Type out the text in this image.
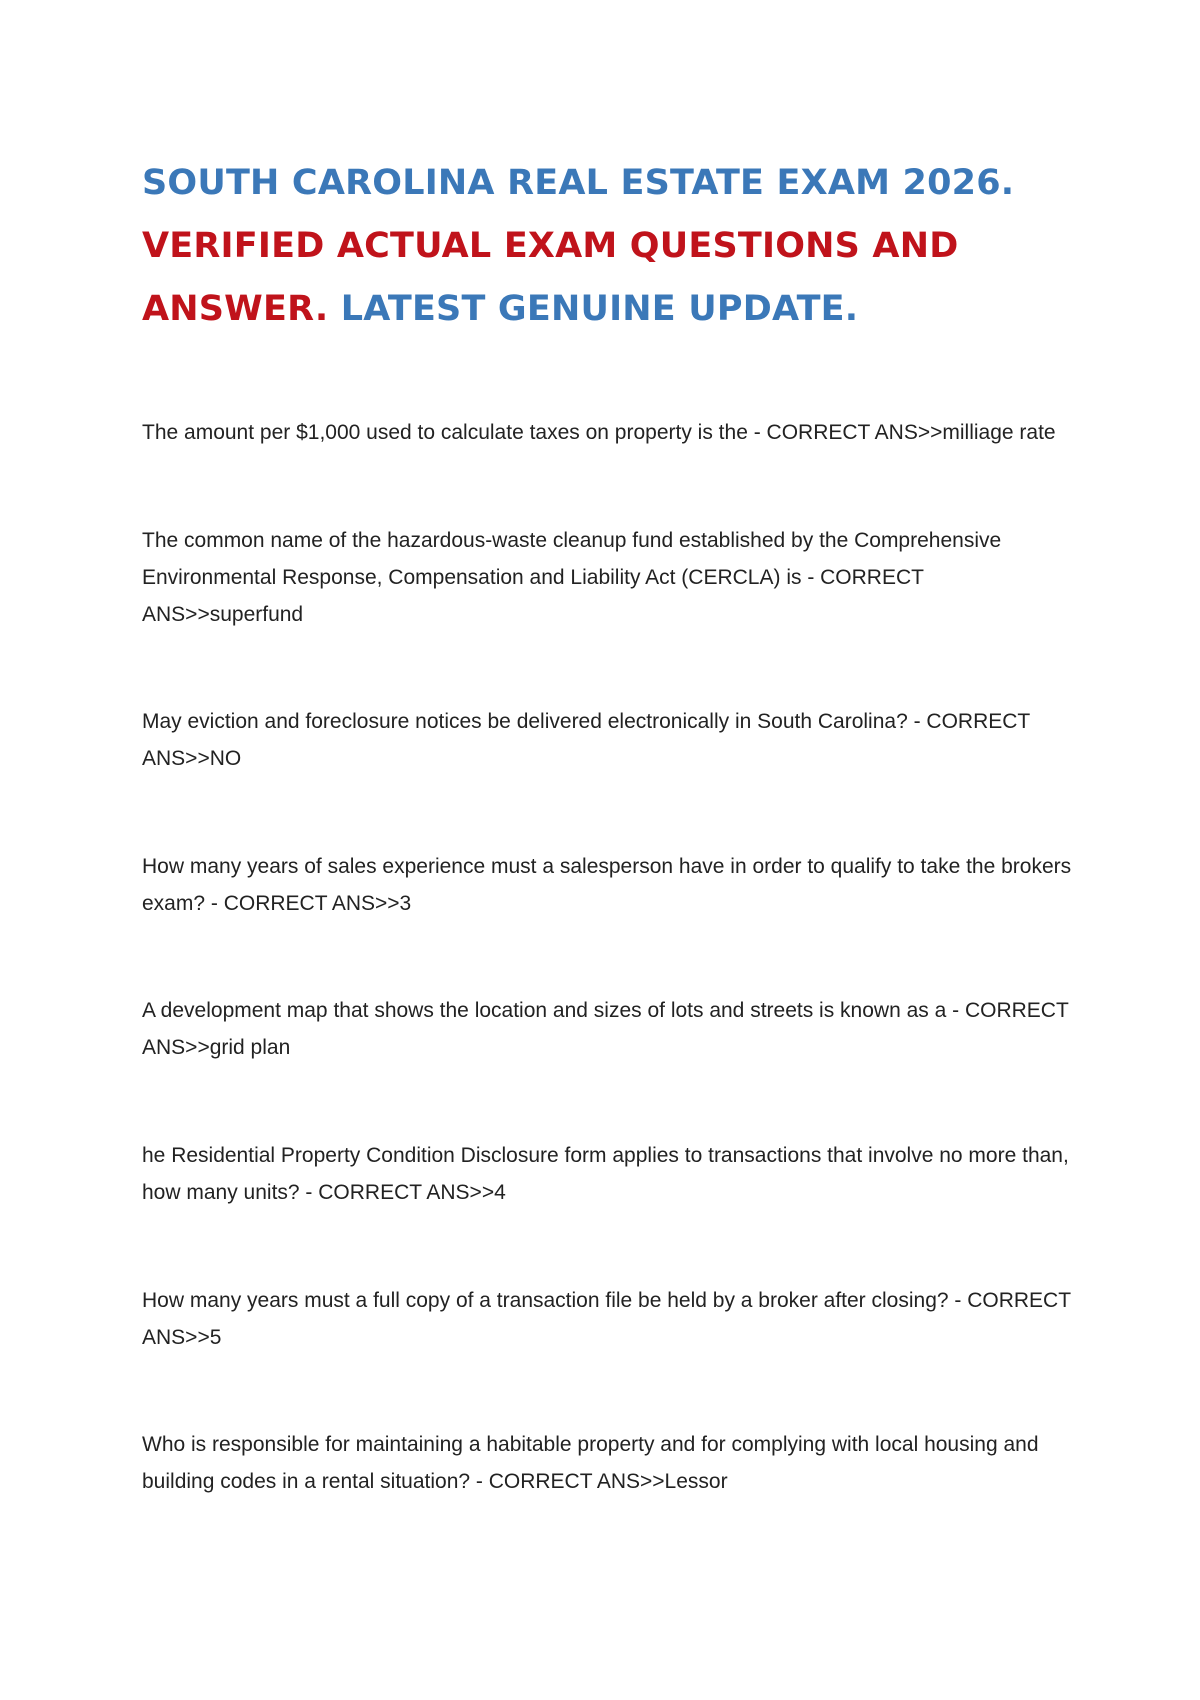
SOUTH CAROLINA REAL ESTATE EXAM 2026.
VERIFIED ACTUAL EXAM QUESTIONS AND
ANSWER. LATEST GENUINE UPDATE.
The amount per $1,000 used to calculate taxes on property is the - CORRECT ANS>>milliage rate
The common name of the hazardous-waste cleanup fund established by the Comprehensive Environmental Response, Compensation and Liability Act (CERCLA) is - CORRECT ANS>>superfund
May eviction and foreclosure notices be delivered electronically in South Carolina? - CORRECT ANS>>NO
How many years of sales experience must a salesperson have in order to qualify to take the brokers exam? - CORRECT ANS>>3
A development map that shows the location and sizes of lots and streets is known as a - CORRECT ANS>>grid plan
he Residential Property Condition Disclosure form applies to transactions that involve no more than, how many units? - CORRECT ANS>>4
How many years must a full copy of a transaction file be held by a broker after closing? - CORRECT ANS>>5
Who is responsible for maintaining a habitable property and for complying with local housing and building codes in a rental situation? - CORRECT ANS>>Lessor
